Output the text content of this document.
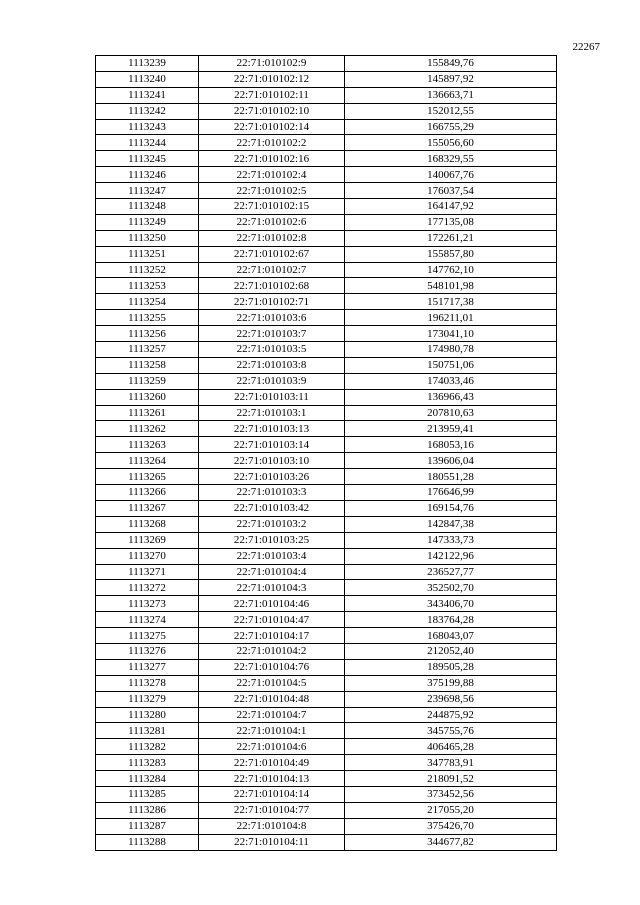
22267
1113239	22:71:010102:9	155849,76
1113240	22:71:010102:12	145897,92
1113241	22:71:010102:11	136663,71
1113242	22:71:010102:10	152012,55
1113243	22:71:010102:14	166755,29
1113244	22:71:010102:2	155056,60
1113245	22:71:010102:16	168329,55
1113246	22:71:010102:4	140067,76
1113247	22:71:010102:5	176037,54
1113248	22:71:010102:15	164147,92
1113249	22:71:010102:6	177135,08
1113250	22:71:010102:8	172261,21
1113251	22:71:010102:67	155857,80
1113252	22:71:010102:7	147762,10
1113253	22:71:010102:68	548101,98
1113254	22:71:010102:71	151717,38
1113255	22:71:010103:6	196211,01
1113256	22:71:010103:7	173041,10
1113257	22:71:010103:5	174980,78
1113258	22:71:010103:8	150751,06
1113259	22:71:010103:9	174033,46
1113260	22:71:010103:11	136966,43
1113261	22:71:010103:1	207810,63
1113262	22:71:010103:13	213959,41
1113263	22:71:010103:14	168053,16
1113264	22:71:010103:10	139606,04
1113265	22:71:010103:26	180551,28
1113266	22:71:010103:3	176646,99
1113267	22:71:010103:42	169154,76
1113268	22:71:010103:2	142847,38
1113269	22:71:010103:25	147333,73
1113270	22:71:010103:4	142122,96
1113271	22:71:010104:4	236527,77
1113272	22:71:010104:3	352502,70
1113273	22:71:010104:46	343406,70
1113274	22:71:010104:47	183764,28
1113275	22:71:010104:17	168043,07
1113276	22:71:010104:2	212052,40
1113277	22:71:010104:76	189505,28
1113278	22:71:010104:5	375199,88
1113279	22:71:010104:48	239698,56
1113280	22:71:010104:7	244875,92
1113281	22:71:010104:1	345755,76
1113282	22:71:010104:6	406465,28
1113283	22:71:010104:49	347783,91
1113284	22:71:010104:13	218091,52
1113285	22:71:010104:14	373452,56
1113286	22:71:010104:77	217055,20
1113287	22:71:010104:8	375426,70
1113288	22:71:010104:11	344677,82
